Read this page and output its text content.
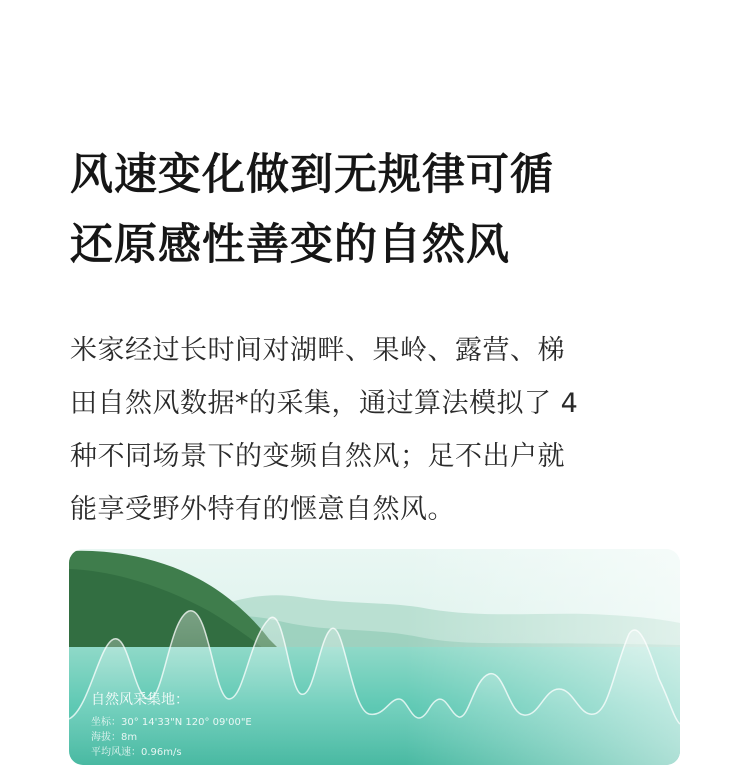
风速变化做到无规律可循
还原感性善变的自然风

米家经过长时间对湖畔、果岭、露营、梯
田自然风数据*的采集，通过算法模拟了 4
种不同场景下的变频自然风；足不出户就
能享受野外特有的惬意自然风。

自然风采集地：
坐标：30° 14'33"N 120° 09'00"E
海拔：8m
平均风速：0.96m/s
